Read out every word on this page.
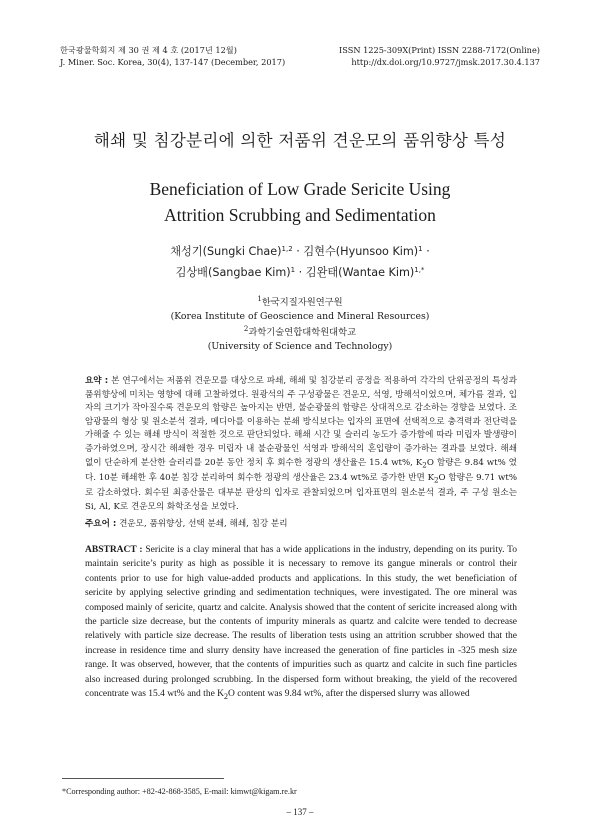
한국광물학회지 제 30 권 제 4 호 (2017년 12월)
J. Miner. Soc. Korea, 30(4), 137-147 (December, 2017)
ISSN 1225-309X(Print) ISSN 2288-7172(Online)
http://dx.doi.org/10.9727/jmsk.2017.30.4.137
해쇄 및 침강분리에 의한 저품위 견운모의 품위향상 특성
Beneficiation of Low Grade Sericite Using
Attrition Scrubbing and Sedimentation
채성기(Sungki Chae)$^{1,2}$ · 김현수(Hyunsoo Kim)$^1$ ·
김상배(Sangbae Kim)$^1$ · 김완태(Wantae Kim)$^{1,*}$
$^1$한국지질자원연구원
(Korea Institute of Geoscience and Mineral Resources)
$^2$과학기술연합대학원대학교
(University of Science and Technology)
요약 : 본 연구에서는 저품위 견운모를 대상으로 파쇄, 해쇄 및 침강분리 공정을 적용하여 각각의 단위공정의 특성과 품위향상에 미치는 영향에 대해 고찰하였다. 원광석의 주 구성광물은 견운모, 석영, 방해석이었으며, 체가름 결과, 입자의 크기가 작아질수록 견운모의 함량은 높아지는 반면, 불순광물의 함량은 상대적으로 감소하는 경향을 보였다. 조암광물의 형상 및 원소분석 결과, 메디아를 이용하는 분쇄 방식보다는 입자의 표면에 선택적으로 충격력과 전단력을 가해줄 수 있는 해쇄 방식이 적절한 것으로 판단되었다. 해쇄 시간 및 슬러리 농도가 증가함에 따라 미립자 발생량이 증가하였으며, 장시간 해쇄한 경우 미립자 내 불순광물인 석영과 방해석의 혼입량이 증가하는 결과를 보였다. 해쇄 없이 단순하게 분산한 슬러리를 20분 동안 정치 후 회수한 정광의 생산율은 15.4 wt%, $K_2O$ 함량은 9.84 wt% 였다. 10분 해쇄한 후 40분 침강 분리하여 회수한 정광의 생산율은 23.4 wt%로 증가한 반면 $K_2O$ 함량은 9.71 wt%로 감소하였다. 회수된 최종산물은 대부분 판상의 입자로 관찰되었으며 입자표면의 원소분석 결과, 주 구성 원소는 Si, Al, K로 견운모의 화학조성을 보였다.
주요어 : 견운모, 품위향상, 선택 분쇄, 해쇄, 침강 분리
ABSTRACT : Sericite is a clay mineral that has a wide applications in the industry, depending on its purity. To maintain sericite’s purity as high as possible it is necessary to remove its gangue minerals or control their contents prior to use for high value-added products and applications. In this study, the wet beneficiation of sericite by applying selective grinding and sedimentation techniques, were investigated. The ore mineral was composed mainly of sericite, quartz and calcite. Analysis showed that the content of sericite increased along with the particle size decrease, but the contents of impurity minerals as quartz and calcite were tended to decrease relatively with particle size decrease. The results of liberation tests using an attrition scrubber showed that the increase in residence time and slurry density have increased the generation of fine particles in -325 mesh size range. It was observed, however, that the contents of impurities such as quartz and calcite in such fine particles also increased during prolonged scrubbing. In the dispersed form without breaking, the yield of the recovered concentrate was 15.4 wt% and the $K_2O$ content was 9.84 wt%, after the dispersed slurry was allowed
*Corresponding author: +82-42-868-3585, E-mail: kimwt@kigam.re.kr
– 137 –
